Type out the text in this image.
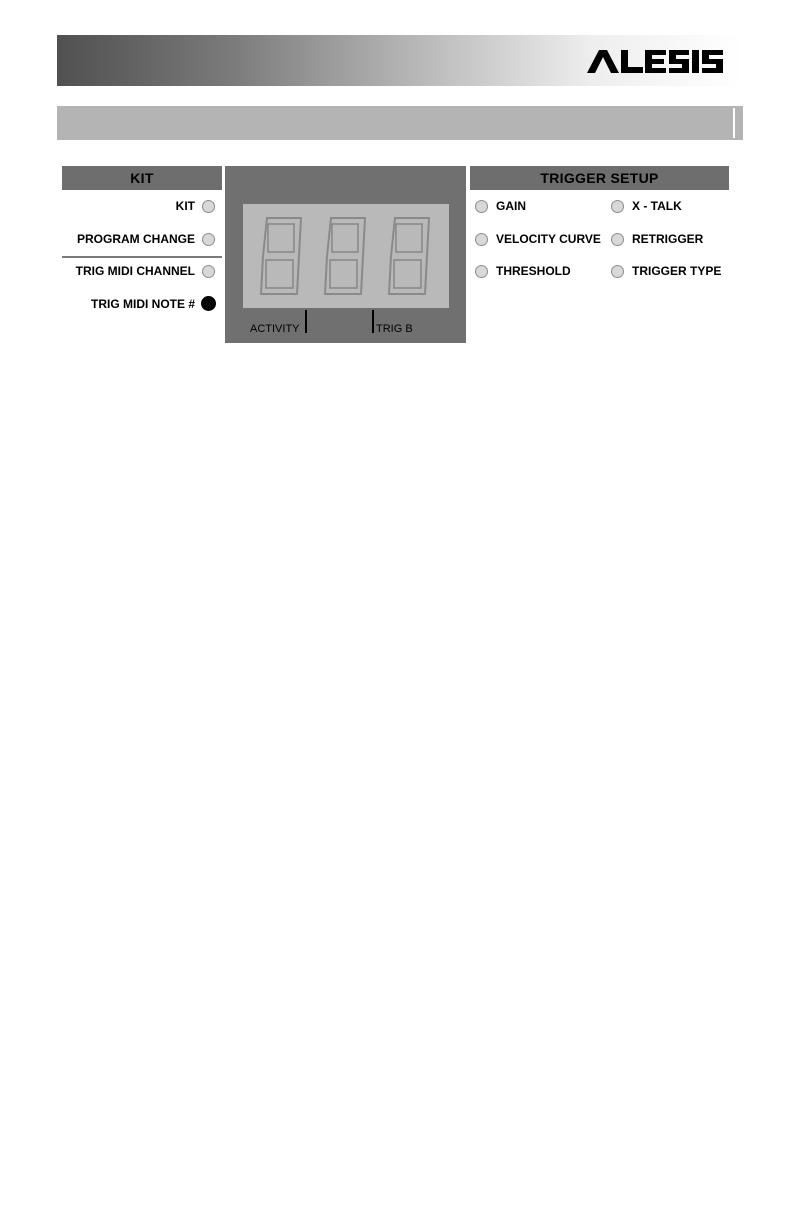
KIT
KIT
PROGRAM CHANGE
TRIG MIDI CHANNEL
TRIG MIDI NOTE #
ACTIVITY	TRIG B
TRIGGER SETUP
GAIN
VELOCITY CURVE
THRESHOLD
X - TALK
RETRIGGER
TRIGGER TYPE
